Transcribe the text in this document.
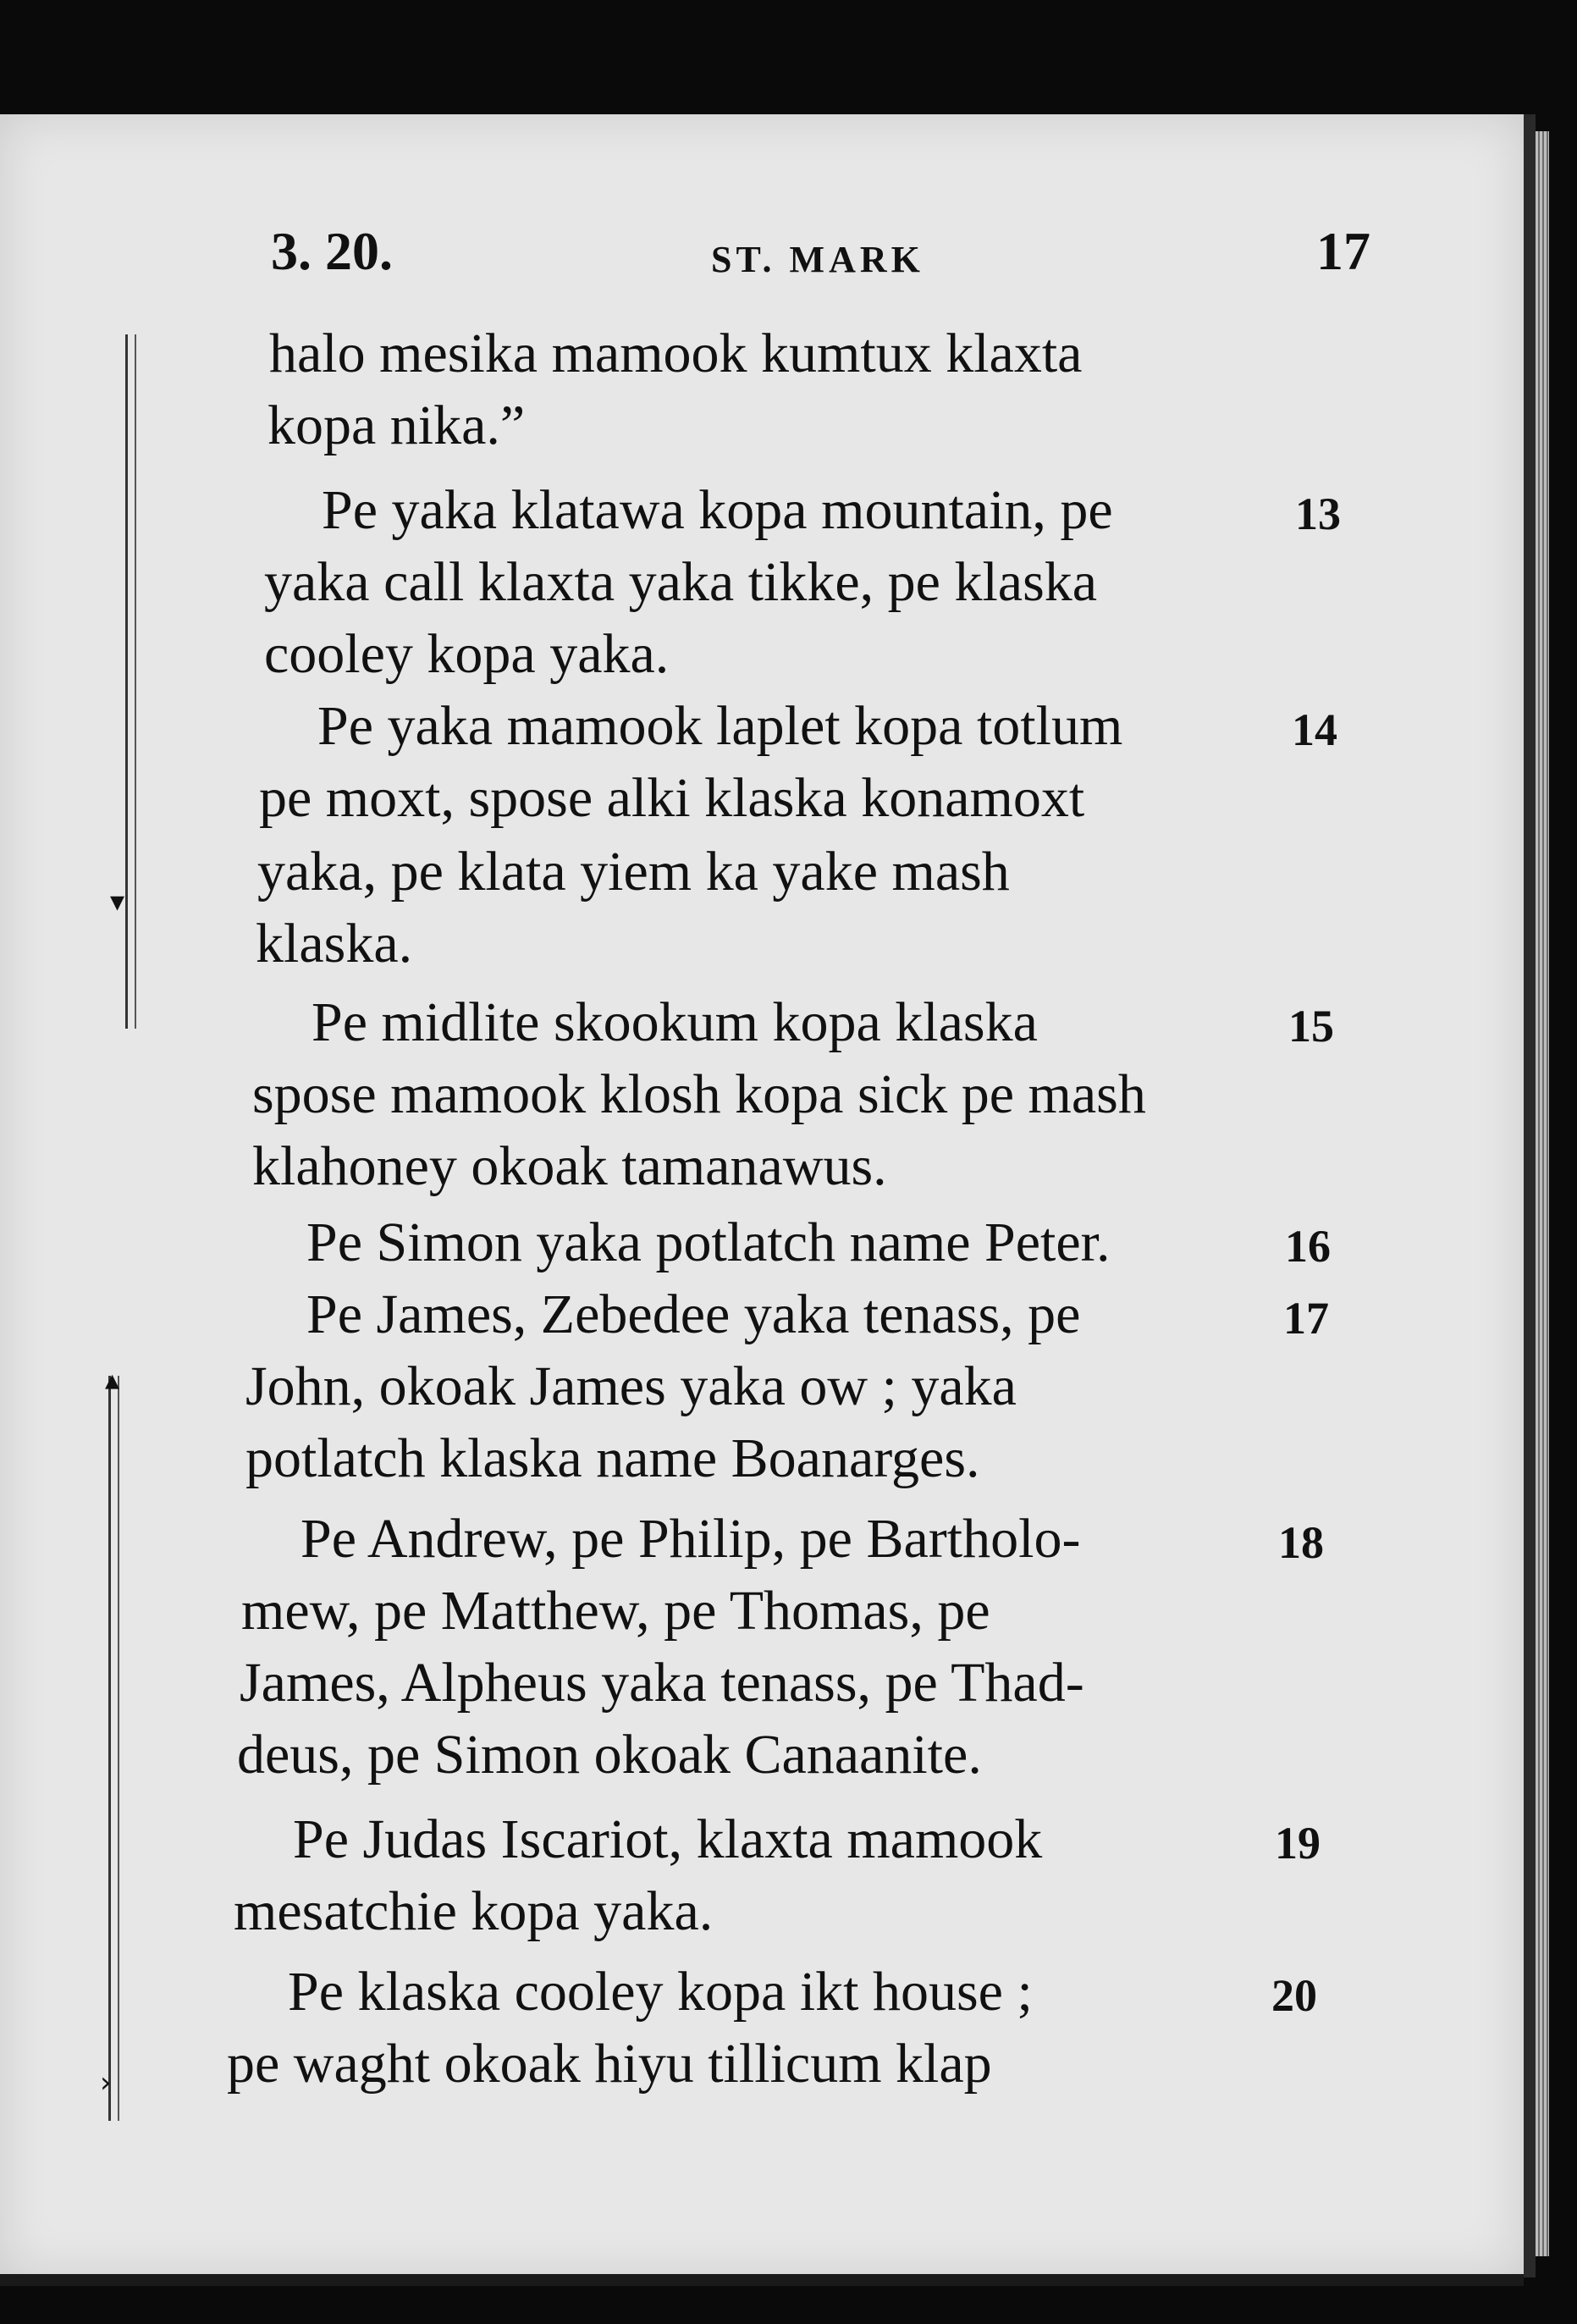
3. 20.	ST. MARK	17
▾
▴
›
halo mesika mamook kumtux klaxta
kopa nika.”
Pe yaka klatawa kopa mountain, pe
yaka call klaxta yaka tikke, pe klaska
cooley kopa yaka.
Pe yaka mamook laplet kopa totlum
pe moxt, spose alki klaska konamoxt
yaka, pe klata yiem ka yake mash
klaska.
Pe midlite skookum kopa klaska
spose mamook klosh kopa sick pe mash
klahoney okoak tamanawus.
Pe Simon yaka potlatch name Peter.
Pe James, Zebedee yaka tenass, pe
John, okoak James yaka ow ; yaka
potlatch klaska name Boanarges.
Pe Andrew, pe Philip, pe Bartholo-
mew, pe Matthew, pe Thomas, pe
James, Alpheus yaka tenass, pe Thad-
deus, pe Simon okoak Canaanite.
Pe Judas Iscariot, klaxta mamook
mesatchie kopa yaka.
Pe klaska cooley kopa ikt house ;
pe waght okoak hiyu tillicum klap
13
14
15
16
17
18
19
20
